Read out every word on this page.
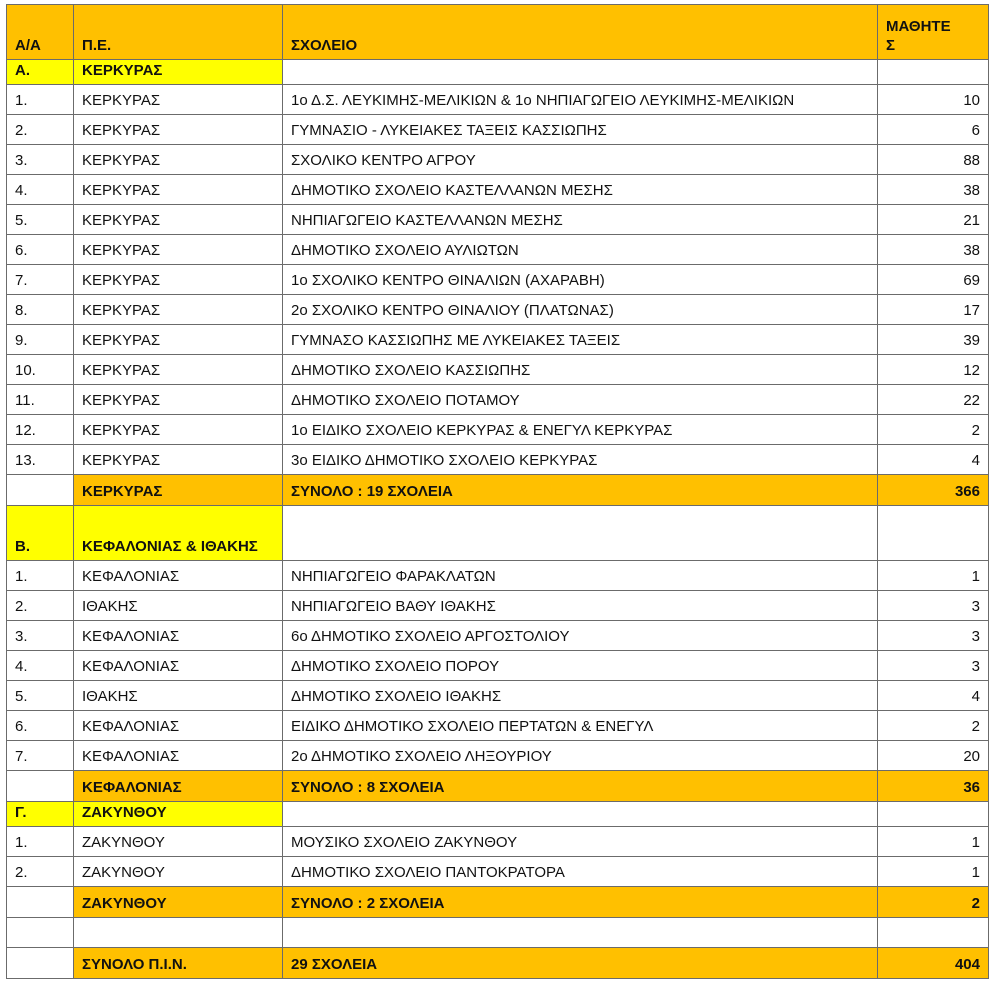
Α/Α	Π.Ε.	ΣΧΟΛΕΙΟ	ΜΑΘΗΤΕ
Σ
Α.	ΚΕΡΚΥΡΑΣ		
1.	ΚΕΡΚΥΡΑΣ	1ο Δ.Σ. ΛΕΥΚΙΜΗΣ-ΜΕΛΙΚΙΩΝ & 1ο ΝΗΠΙΑΓΩΓΕΙΟ ΛΕΥΚΙΜΗΣ-ΜΕΛΙΚΙΩΝ	10
2.	ΚΕΡΚΥΡΑΣ	ΓΥΜΝΑΣΙΟ - ΛΥΚΕΙΑΚΕΣ ΤΑΞΕΙΣ ΚΑΣΣΙΩΠΗΣ	6
3.	ΚΕΡΚΥΡΑΣ	ΣΧΟΛΙΚΟ ΚΕΝΤΡΟ ΑΓΡΟΥ	88
4.	ΚΕΡΚΥΡΑΣ	ΔΗΜΟΤΙΚΟ ΣΧΟΛΕΙΟ ΚΑΣΤΕΛΛΑΝΩΝ ΜΕΣΗΣ	38
5.	ΚΕΡΚΥΡΑΣ	ΝΗΠΙΑΓΩΓΕΙΟ ΚΑΣΤΕΛΛΑΝΩΝ ΜΕΣΗΣ	21
6.	ΚΕΡΚΥΡΑΣ	ΔΗΜΟΤΙΚΟ ΣΧΟΛΕΙΟ ΑΥΛΙΩΤΩΝ	38
7.	ΚΕΡΚΥΡΑΣ	1ο ΣΧΟΛΙΚΟ ΚΕΝΤΡΟ ΘΙΝΑΛΙΩΝ (ΑΧΑΡΑΒΗ)	69
8.	ΚΕΡΚΥΡΑΣ	2ο ΣΧΟΛΙΚΟ ΚΕΝΤΡΟ ΘΙΝΑΛΙΟΥ (ΠΛΑΤΩΝΑΣ)	17
9.	ΚΕΡΚΥΡΑΣ	ΓΥΜΝΑΣΟ ΚΑΣΣΙΩΠΗΣ ΜΕ ΛΥΚΕΙΑΚΕΣ ΤΑΞΕΙΣ	39
10.	ΚΕΡΚΥΡΑΣ	ΔΗΜΟΤΙΚΟ ΣΧΟΛΕΙΟ ΚΑΣΣΙΩΠΗΣ	12
11.	ΚΕΡΚΥΡΑΣ	ΔΗΜΟΤΙΚΟ ΣΧΟΛΕΙΟ ΠΟΤΑΜΟΥ	22
12.	ΚΕΡΚΥΡΑΣ	1ο ΕΙΔΙΚΟ ΣΧΟΛΕΙΟ ΚΕΡΚΥΡΑΣ & ΕΝΕΓΥΛ ΚΕΡΚΥΡΑΣ	2
13.	ΚΕΡΚΥΡΑΣ	3ο ΕΙΔΙΚΟ ΔΗΜΟΤΙΚΟ ΣΧΟΛΕΙΟ ΚΕΡΚΥΡΑΣ	4
	ΚΕΡΚΥΡΑΣ	ΣΥΝΟΛΟ : 19 ΣΧΟΛΕΙΑ	366
Β.	ΚΕΦΑΛΟΝΙΑΣ & ΙΘΑΚΗΣ		
1.	ΚΕΦΑΛΟΝΙΑΣ	ΝΗΠΙΑΓΩΓΕΙΟ ΦΑΡΑΚΛΑΤΩΝ	1
2.	ΙΘΑΚΗΣ	ΝΗΠΙΑΓΩΓΕΙΟ ΒΑΘΥ ΙΘΑΚΗΣ	3
3.	ΚΕΦΑΛΟΝΙΑΣ	6ο ΔΗΜΟΤΙΚΟ ΣΧΟΛΕΙΟ ΑΡΓΟΣΤΟΛΙΟΥ	3
4.	ΚΕΦΑΛΟΝΙΑΣ	ΔΗΜΟΤΙΚΟ ΣΧΟΛΕΙΟ ΠΟΡΟΥ	3
5.	ΙΘΑΚΗΣ	ΔΗΜΟΤΙΚΟ ΣΧΟΛΕΙΟ ΙΘΑΚΗΣ	4
6.	ΚΕΦΑΛΟΝΙΑΣ	ΕΙΔΙΚΟ ΔΗΜΟΤΙΚΟ ΣΧΟΛΕΙΟ ΠΕΡΤΑΤΩΝ & ΕΝΕΓΥΛ	2
7.	ΚΕΦΑΛΟΝΙΑΣ	2ο ΔΗΜΟΤΙΚΟ ΣΧΟΛΕΙΟ ΛΗΞΟΥΡΙΟΥ	20
	ΚΕΦΑΛΟΝΙΑΣ	ΣΥΝΟΛΟ : 8 ΣΧΟΛΕΙΑ	36
Γ.	ΖΑΚΥΝΘΟΥ		
1.	ΖΑΚΥΝΘΟΥ	ΜΟΥΣΙΚΟ ΣΧΟΛΕΙΟ ΖΑΚΥΝΘΟΥ	1
2.	ΖΑΚΥΝΘΟΥ	ΔΗΜΟΤΙΚΟ ΣΧΟΛΕΙΟ ΠΑΝΤΟΚΡΑΤΟΡΑ	1
	ΖΑΚΥΝΘΟΥ	ΣΥΝΟΛΟ : 2 ΣΧΟΛΕΙΑ	2

	ΣΥΝΟΛΟ Π.Ι.Ν.	29 ΣΧΟΛΕΙΑ	404
